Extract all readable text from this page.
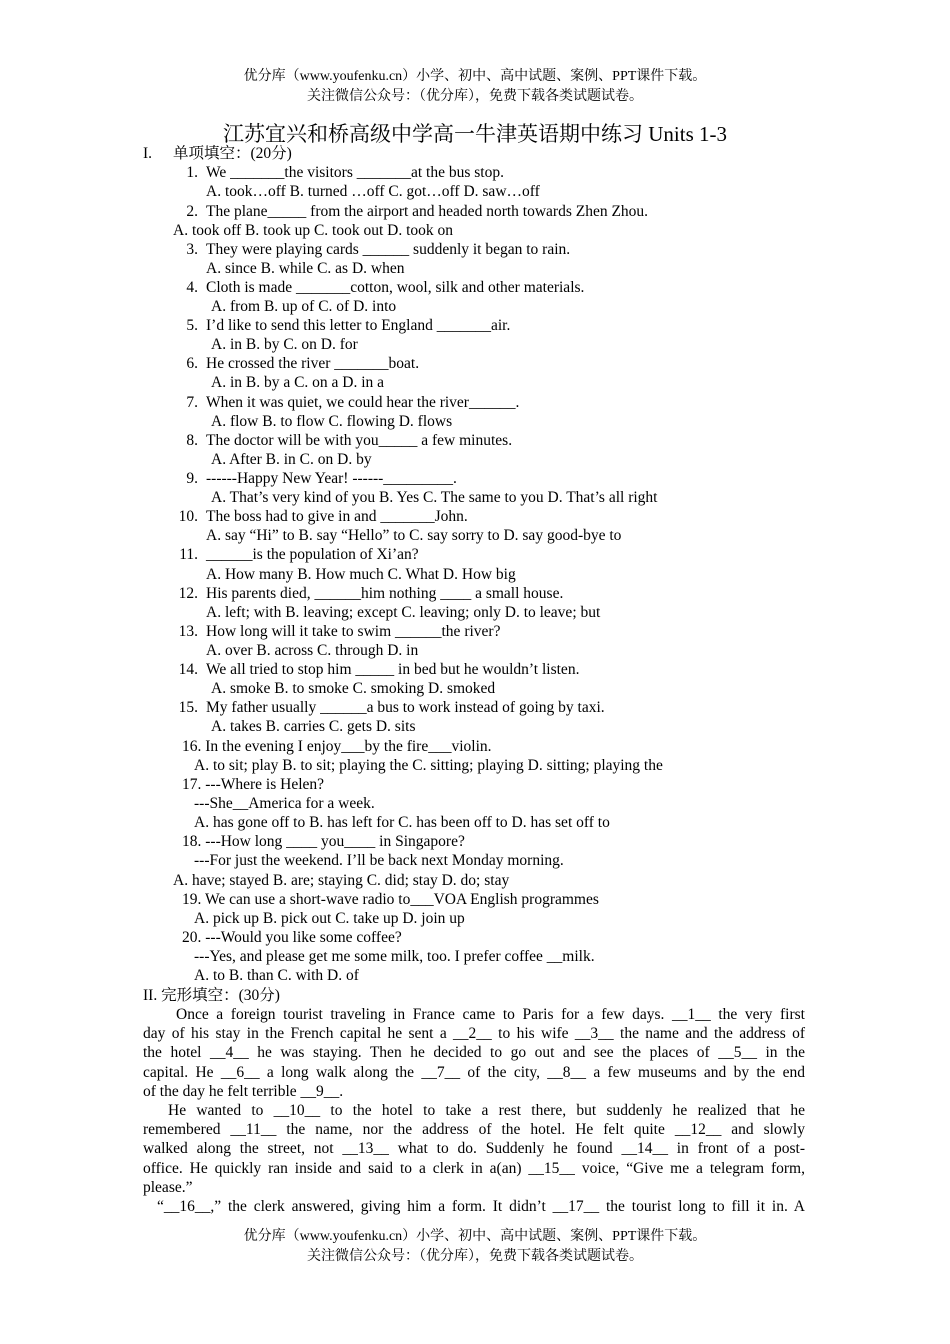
优分库（www.youfenku.cn）小学、初中、高中试题、案例、PPT课件下载。
关注微信公众号：（优分库），免费下载各类试题试卷。
江苏宜兴和桥高级中学高一牛津英语期中练习 Units 1-3
I. 单项填空：(20分)
1. We _______the visitors _______at the bus stop.
A. took…off B. turned …off C. got…off D. saw…off
2. The plane_____ from the airport and headed north towards Zhen Zhou.
A. took off B. took up C. took out D. took on
3. They were playing cards ______ suddenly it began to rain.
A. since B. while C. as D. when
4. Cloth is made _______cotton, wool, silk and other materials.
A. from B. up of C. of D. into
5. I’d like to send this letter to England _______air.
A. in B. by C. on D. for
6. He crossed the river _______boat.
A. in B. by a C. on a D. in a
7. When it was quiet, we could hear the river______.
A. flow B. to flow C. flowing D. flows
8. The doctor will be with you_____ a few minutes.
A. After B. in C. on D. by
9. ------Happy New Year! ------_________.
A. That’s very kind of you B. Yes C. The same to you D. That’s all right
10. The boss had to give in and _______John.
A. say “Hi” to B. say “Hello” to C. say sorry to D. say good-bye to
11. ______is the population of Xi’an?
A. How many B. How much C. What D. How big
12. His parents died, ______him nothing ____ a small house.
A. left; with B. leaving; except C. leaving; only D. to leave; but
13. How long will it take to swim ______the river?
A. over B. across C. through D. in
14. We all tried to stop him _____ in bed but he wouldn’t listen.
A. smoke B. to smoke C. smoking D. smoked
15. My father usually ______a bus to work instead of going by taxi.
A. takes B. carries C. gets D. sits
16. In the evening I enjoy___by the fire___violin.
A. to sit; play B. to sit; playing the C. sitting; playing D. sitting; playing the
17. ---Where is Helen?
---She__America for a week.
A. has gone off to B. has left for C. has been off to D. has set off to
18. ---How long ____ you____ in Singapore?
---For just the weekend. I’ll be back next Monday morning.
A. have; stayed B. are; staying C. did; stay D. do; stay
19. We can use a short-wave radio to___VOA English programmes
A. pick up B. pick out C. take up D. join up
20. ---Would you like some coffee?
---Yes, and please get me some milk, too. I prefer coffee __milk.
A. to B. than C. with D. of
II. 完形填空：(30分)
Once a foreign tourist traveling in France came to Paris for a few days. __1__ the very first
day of his stay in the French capital he sent a __2__ to his wife __3__ the name and the address of
the hotel __4__ he was staying. Then he decided to go out and see the places of __5__ in the
capital. He __6__ a long walk along the __7__ of the city, __8__ a few museums and by the end
of the day he felt terrible __9__.
He wanted to __10__ to the hotel to take a rest there, but suddenly he realized that he
remembered __11__ the name, nor the address of the hotel. He felt quite __12__ and slowly
walked along the street, not __13__ what to do. Suddenly he found __14__ in front of a post-
office. He quickly ran inside and said to a clerk in a(an) __15__ voice, “Give me a telegram form,
please.”
“__16__,” the clerk answered, giving him a form. It didn’t __17__ the tourist long to fill it in. A
优分库（www.youfenku.cn）小学、初中、高中试题、案例、PPT课件下载。
关注微信公众号：（优分库），免费下载各类试题试卷。
